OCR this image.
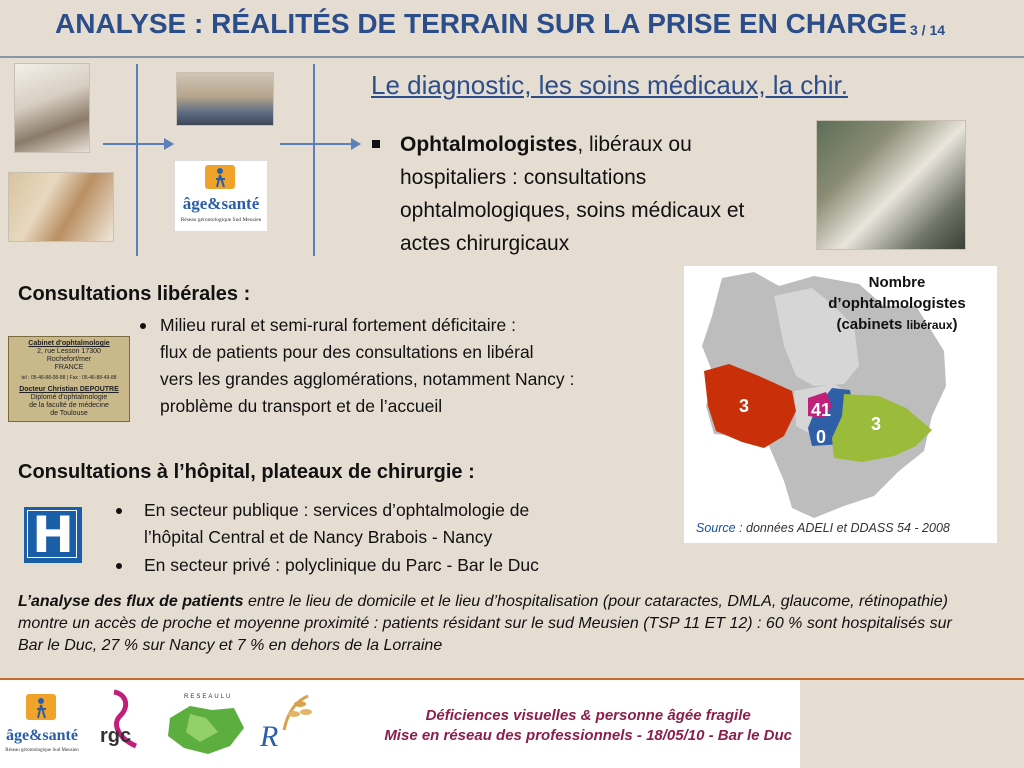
ANALYSE : RÉALITÉS DE TERRAIN SUR LA PRISE EN CHARGE 3 / 14
âge&santé
Réseau gérontologique Sud Meusien
Le diagnostic, les soins médicaux, la chir.
Ophtalmologistes, libéraux ou hospitaliers : consultations ophtalmologiques, soins médicaux et actes chirurgicaux
Consultations libérales :
Cabinet d'ophtalmologie
2, rue Lesson 17300
Rochefort/mer
FRANCE
tel : 05-46-88-08-88 | Fax : 05-46-88-49-88
Docteur Christian DEPOUTRE
Diplomé d'ophtalmologie
de la faculté de médecine
de Toulouse
Milieu rural et semi-rural fortement déficitaire :
flux de patients pour des consultations en libéral
vers les grandes agglomérations, notamment Nancy :
problème du transport et de l’accueil
Consultations à l’hôpital, plateaux de chirurgie :
H	En secteur publique : services d’ophtalmologie de
l’hôpital Central et de Nancy Brabois - Nancy
En secteur privé : polyclinique du Parc - Bar le Duc
3	41
0
3
Nombre
d’ophtalmologistes
(cabinets libéraux)
Source : données ADELI et DDASS 54 - 2008
L’analyse des flux de patients entre le lieu de domicile et le lieu d’hospitalisation (pour cataractes, DMLA, glaucome, rétinopathie) montre un accès de proche et moyenne proximité : patients résidant sur le sud Meusien (TSP 11 ET 12) : 60 % sont hospitalisés sur Bar le Duc, 27 % sur Nancy et 7 % en dehors de la Lorraine
âge&santé
Réseau gérontologique Sud Meusien
rgc
RESEAULU
R
Déficiences visuelles & personne âgée fragile
Mise en réseau des professionnels - 18/05/10 - Bar le Duc
